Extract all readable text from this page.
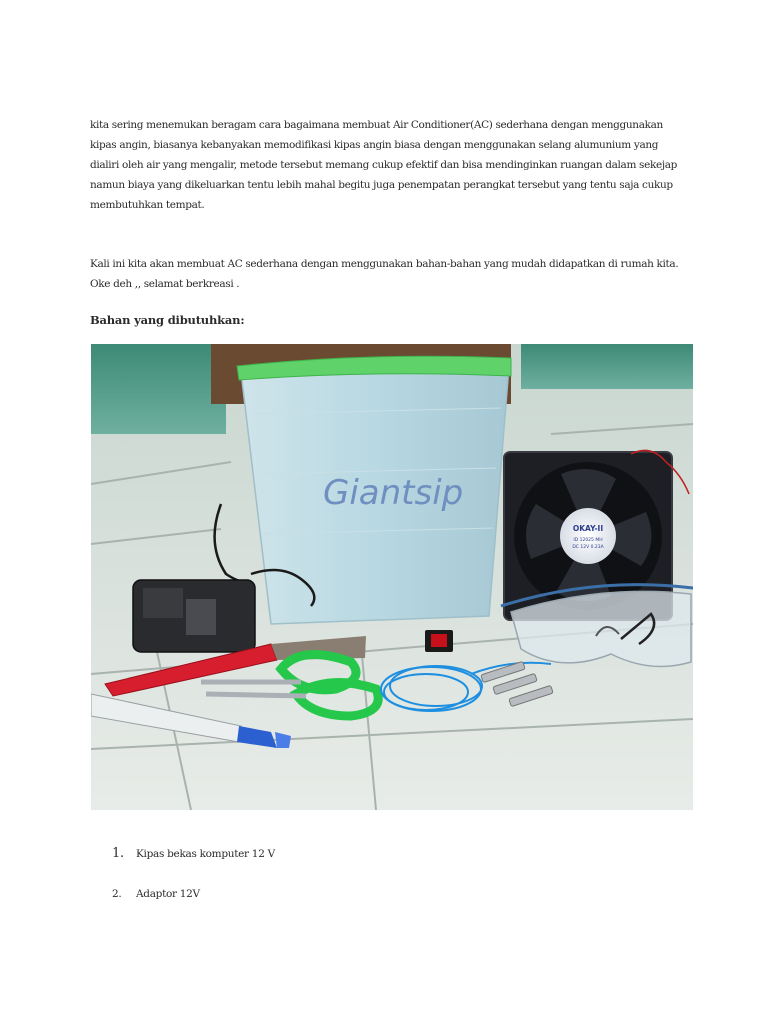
kita sering menemukan beragam cara bagaimana membuat Air Conditioner(AC) sederhana dengan menggunakan
kipas angin, biasanya kebanyakan memodifikasi kipas angin biasa dengan menggunakan selang alumunium yang
dialiri oleh air yang mengalir, metode tersebut memang cukup efektif dan bisa mendinginkan ruangan dalam sekejap
namun biaya yang dikeluarkan tentu lebih mahal begitu juga penempatan perangkat tersebut yang tentu saja cukup
membutuhkan tempat.
Kali ini kita akan membuat AC sederhana dengan menggunakan bahan-bahan yang mudah didapatkan di rumah kita.
Oke deh ,, selamat berkreasi .
Bahan yang dibutuhkan:
Giantsip
OKAY-II
ID 12025 MH
DC 12V 0.23A
1.	Kipas bekas komputer 12 V
2.	Adaptor 12V
